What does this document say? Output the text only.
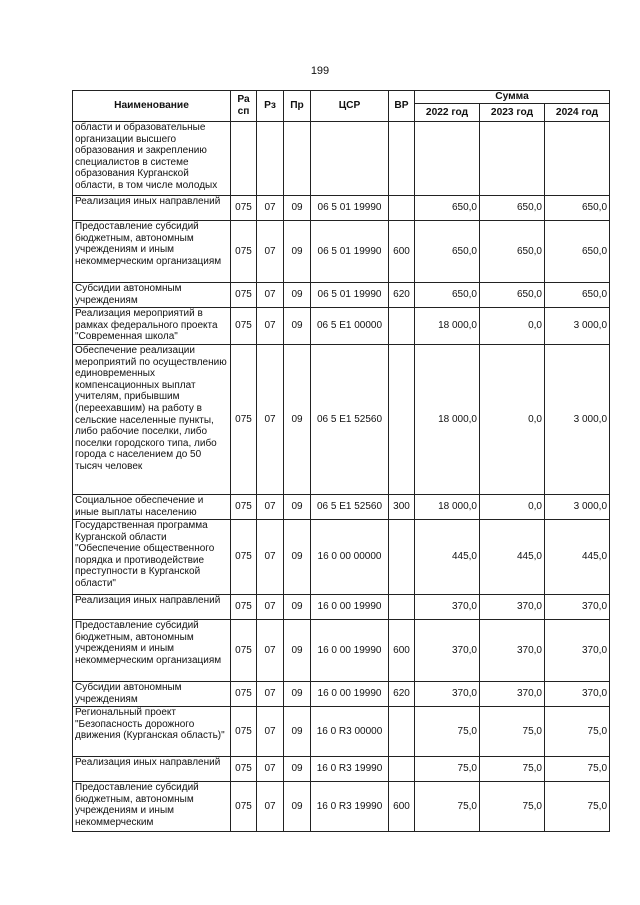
199
Наименование	Ра сп	Рз	Пр	ЦСР	ВР	Сумма		
						2022 год	2023 год	2024 год
области и образовательные организации высшего образования и закреплению специалистов в системе образования Курганской области, в том числе молодых								
Реализация иных направлений	075	07	09	06 5 01 19990		650,0	650,0	650,0
Предоставление субсидий бюджетным, автономным учреждениям и иным некоммерческим организациям	075	07	09	06 5 01 19990	600	650,0	650,0	650,0
Субсидии автономным учреждениям	075	07	09	06 5 01 19990	620	650,0	650,0	650,0
Реализация мероприятий в рамках федерального проекта "Современная школа"	075	07	09	06 5 E1 00000		18 000,0	0,0	3 000,0
Обеспечение реализации мероприятий по осуществлению единовременных компенсационных выплат учителям, прибывшим (переехавшим) на работу в сельские населенные пункты, либо рабочие поселки, либо поселки городского типа, либо города с населением до 50 тысяч человек	075	07	09	06 5 E1 52560		18 000,0	0,0	3 000,0
Социальное обеспечение и иные выплаты населению	075	07	09	06 5 E1 52560	300	18 000,0	0,0	3 000,0
Государственная программа Курганской области "Обеспечение общественного порядка и противодействие преступности в Курганской области"	075	07	09	16 0 00 00000		445,0	445,0	445,0
Реализация иных направлений	075	07	09	16 0 00 19990		370,0	370,0	370,0
Предоставление субсидий бюджетным, автономным учреждениям и иным некоммерческим организациям	075	07	09	16 0 00 19990	600	370,0	370,0	370,0
Субсидии автономным учреждениям	075	07	09	16 0 00 19990	620	370,0	370,0	370,0
Региональный проект "Безопасность дорожного движения (Курганская область)"	075	07	09	16 0 R3 00000		75,0	75,0	75,0
Реализация иных направлений	075	07	09	16 0 R3 19990		75,0	75,0	75,0
Предоставление субсидий бюджетным, автономным учреждениям и иным некоммерческим	075	07	09	16 0 R3 19990	600	75,0	75,0	75,0
